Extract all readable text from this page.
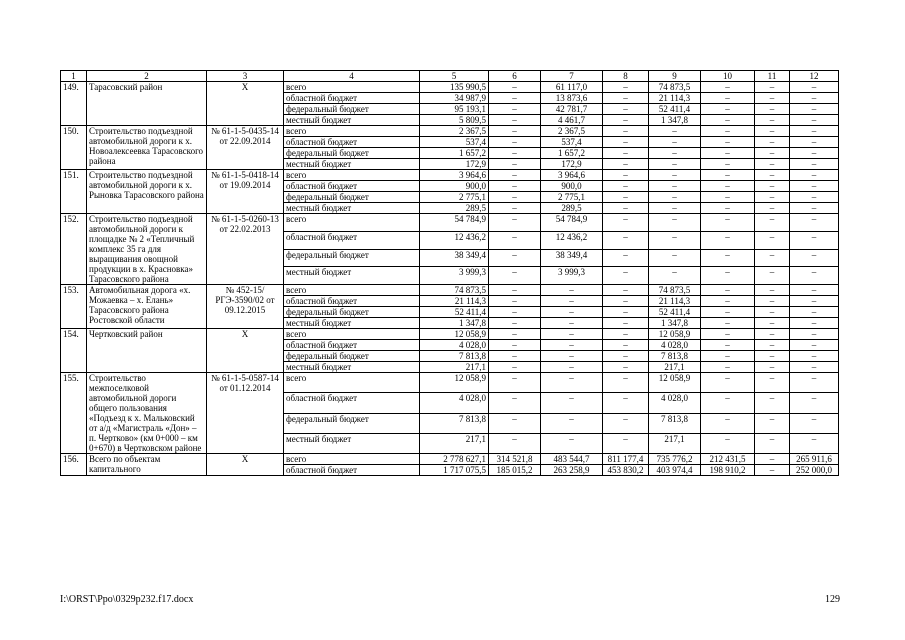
1	2	3	4	5	6	7	8	9	10	11	12
149.	Тарасовский район	Х	всего	135 990,5	–	61 117,0	–	74 873,5	–	–	–
			областной бюджет	34 987,9	–	13 873,6	–	21 114,3	–	–	–
			федеральный бюджет	95 193,1	–	42 781,7	–	52 411,4	–	–	–
			местный бюджет	5 809,5	–	4 461,7	–	1 347,8	–	–	–
150.	Строительство подъездной автомобильной дороги к х. Новоалексеевка Тарасовского района	№ 61-1-5-0435-14 от 22.09.2014	всего	2 367,5	–	2 367,5	–	–	–	–	–
			областной бюджет	537,4	–	537,4	–	–	–	–	–
			федеральный бюджет	1 657,2	–	1 657,2	–	–	–	–	–
			местный бюджет	172,9	–	172,9	–	–	–	–	–
151.	Строительство подъездной автомобильной дороги к х. Рыновка Тарасовского района	№ 61-1-5-0418-14 от 19.09.2014	всего	3 964,6	–	3 964,6	–	–	–	–	–
			областной бюджет	900,0	–	900,0	–	–	–	–	–
			федеральный бюджет	2 775,1	–	2 775,1	–	–	–	–	–
			местный бюджет	289,5	–	289,5	–	–	–	–	–
152.	Строительство подъездной автомобильной дороги к площадке № 2 «Тепличный комплекс 35 га для выращивания овощной продукции в х. Красновка» Тарасовского района	№ 61-1-5-0260-13 от 22.02.2013	всего	54 784,9	–	54 784,9	–	–	–	–	–
			областной бюджет	12 436,2	–	12 436,2	–	–	–	–	–
			федеральный бюджет	38 349,4	–	38 349,4	–	–	–	–	–
			местный бюджет	3 999,3	–	3 999,3	–	–	–	–	–
153.	Автомобильная дорога «х. Можаевка – х. Елань» Тарасовского района Ростовской области	№ 452-15/РГЭ-3590/02 от 09.12.2015	всего	74 873,5	–	–	–	74 873,5	–	–	–
			областной бюджет	21 114,3	–	–	–	21 114,3	–	–	–
			федеральный бюджет	52 411,4	–	–	–	52 411,4	–	–	–
			местный бюджет	1 347,8	–	–	–	1 347,8	–	–	–
154.	Чертковский район	Х	всего	12 058,9	–	–	–	12 058,9	–	–	–
			областной бюджет	4 028,0	–	–	–	4 028,0	–	–	–
			федеральный бюджет	7 813,8	–	–	–	7 813,8	–	–	–
			местный бюджет	217,1	–	–	–	217,1	–	–	–
155.	Строительство межпоселковой автомобильной дороги общего пользования «Подъезд к х. Мальковский от а/д «Магистраль «Дон» – п. Чертково» (км 0+000 – км 0+670) в Чертковском районе	№ 61-1-5-0587-14 от 01.12.2014	всего	12 058,9	–	–	–	12 058,9	–	–	–
			областной бюджет	4 028,0	–	–	–	4 028,0	–	–	–
			федеральный бюджет	7 813,8	–	–	–	7 813,8	–	–	–
			местный бюджет	217,1	–	–	–	217,1	–	–	–
156.	Всего по объектам капитального	Х	всего	2 778 627,1	314 521,8	483 544,7	811 177,4	735 776,2	212 431,5	–	265 911,6
			областной бюджет	1 717 075,5	185 015,2	263 258,9	453 830,2	403 974,4	198 910,2	–	252 000,0
I:\ORST\Ppo\0329p232.f17.docx	129
